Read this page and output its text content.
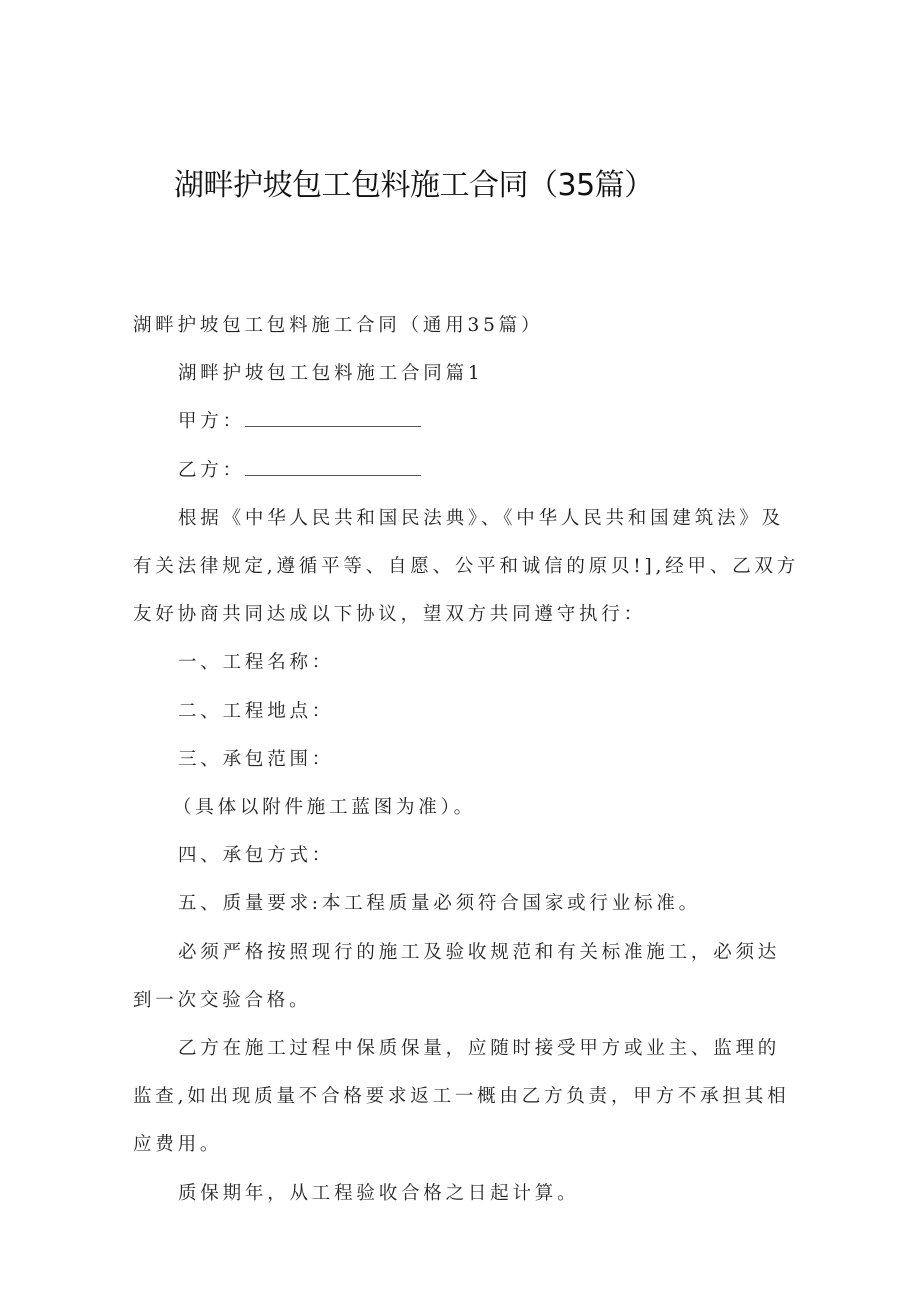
湖畔护坡包工包料施工合同（35篇）

湖畔护坡包工包料施工合同（通用35篇）

湖畔护坡包工包料施工合同篇1

甲方：

乙方：

根据《中华人民共和国民法典》、《中华人民共和国建筑法》及有关法律规定,遵循平等、自愿、公平和诚信的原贝!],经甲、乙双方友好协商共同达成以下协议，望双方共同遵守执行：

一、工程名称：

二、工程地点：

三、承包范围：

（具体以附件施工蓝图为准）。

四、承包方式：

五、质量要求:本工程质量必须符合国家或行业标准。

必须严格按照现行的施工及验收规范和有关标准施工，必须达到一次交验合格。

乙方在施工过程中保质保量，应随时接受甲方或业主、监理的监查,如出现质量不合格要求返工一概由乙方负责，甲方不承担其相应费用。

质保期年，从工程验收合格之日起计算。
